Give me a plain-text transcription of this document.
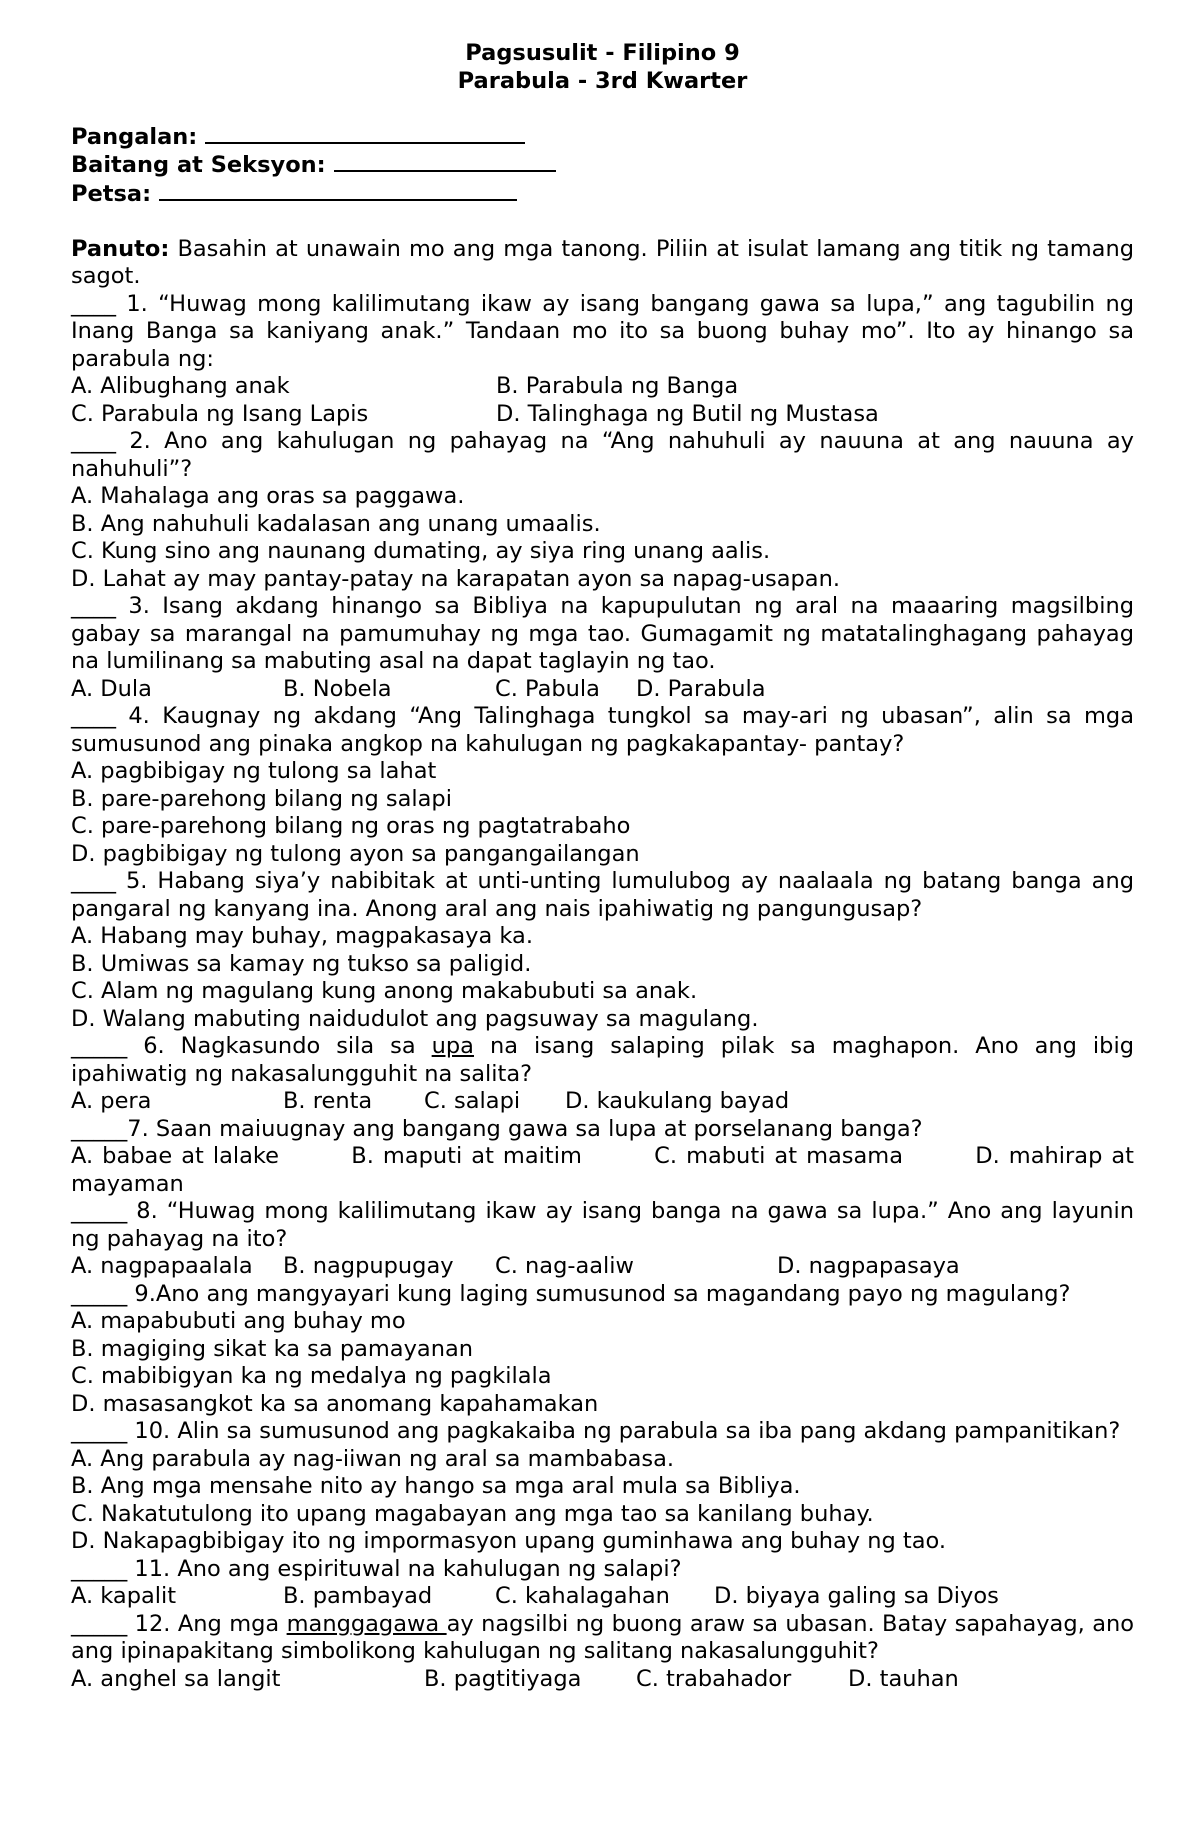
Pagsusulit - Filipino 9
Parabula - 3rd Kwarter
Pangalan:
Baitang at Seksyon:
Petsa:
Panuto: Basahin at unawain mo ang mga tanong. Piliin at isulat lamang ang titik ng tamang sagot.
____ 1. “Huwag mong kalilimutang ikaw ay isang bangang gawa sa lupa,” ang tagubilin ng Inang Banga sa kaniyang anak.” Tandaan mo ito sa buong buhay mo”. Ito ay hinango sa parabula ng:
A. Alibughang anak	B. Parabula ng Banga
C. Parabula ng Isang Lapis	D. Talinghaga ng Butil ng Mustasa
____ 2. Ano ang kahulugan ng pahayag na “Ang nahuhuli ay nauuna at ang nauuna ay nahuhuli”?
A. Mahalaga ang oras sa paggawa.
B. Ang nahuhuli kadalasan ang unang umaalis.
C. Kung sino ang naunang dumating, ay siya ring unang aalis.
D. Lahat ay may pantay-patay na karapatan ayon sa napag-usapan.
____ 3. Isang akdang hinango sa Bibliya na kapupulutan ng aral na maaaring magsilbing gabay sa marangal na pamumuhay ng mga tao. Gumagamit ng matatalinghagang pahayag na lumilinang sa mabuting asal na dapat taglayin ng tao.
A. Dula	B. Nobela	C. Pabula D. Parabula
____ 4. Kaugnay ng akdang “Ang Talinghaga tungkol sa may-ari ng ubasan”, alin sa mga sumusunod ang pinaka angkop na kahulugan ng pagkakapantay- pantay?
A. pagbibigay ng tulong sa lahat
B. pare-parehong bilang ng salapi
C. pare-parehong bilang ng oras ng pagtatrabaho
D. pagbibigay ng tulong ayon sa pangangailangan
____ 5. Habang siya’y nabibitak at unti-unting lumulubog ay naalaala ng batang banga ang pangaral ng kanyang ina. Anong aral ang nais ipahiwatig ng pangungusap?
A. Habang may buhay, magpakasaya ka.
B. Umiwas sa kamay ng tukso sa paligid.
C. Alam ng magulang kung anong makabubuti sa anak.
D. Walang mabuting naidudulot ang pagsuway sa magulang.
_____ 6. Nagkasundo sila sa upa na isang salaping pilak sa maghapon. Ano ang ibig ipahiwatig ng nakasalungguhit na salita?
A. pera	B. renta C. salapi D. kaukulang bayad
_____7. Saan maiuugnay ang bangang gawa sa lupa at porselanang banga?
A. babae at lalake	B. maputi at maitim	C. mabuti at masama	D. mahirap at mayaman
_____ 8. “Huwag mong kalilimutang ikaw ay isang banga na gawa sa lupa.” Ano ang layunin ng pahayag na ito?
A. nagpapaalala B. nagpupugay C. nag-aaliw	D. nagpapasaya
_____ 9.Ano ang mangyayari kung laging sumusunod sa magandang payo ng magulang?
A. mapabubuti ang buhay mo
B. magiging sikat ka sa pamayanan
C. mabibigyan ka ng medalya ng pagkilala
D. masasangkot ka sa anomang kapahamakan
_____ 10. Alin sa sumusunod ang pagkakaiba ng parabula sa iba pang akdang pampanitikan?
A. Ang parabula ay nag-iiwan ng aral sa mambabasa.
B. Ang mga mensahe nito ay hango sa mga aral mula sa Bibliya.
C. Nakatutulong ito upang magabayan ang mga tao sa kanilang buhay.
D. Nakapagbibigay ito ng impormasyon upang guminhawa ang buhay ng tao.
_____ 11. Ano ang espirituwal na kahulugan ng salapi?
A. kapalit	B. pambayad	C. kahalagahan D. biyaya galing sa Diyos
_____ 12. Ang mga manggagawa ay nagsilbi ng buong araw sa ubasan. Batay sapahayag, ano ang ipinapakitang simbolikong kahulugan ng salitang nakasalungguhit?
A. anghel sa langit	B. pagtitiyaga C. trabahador	D. tauhan
